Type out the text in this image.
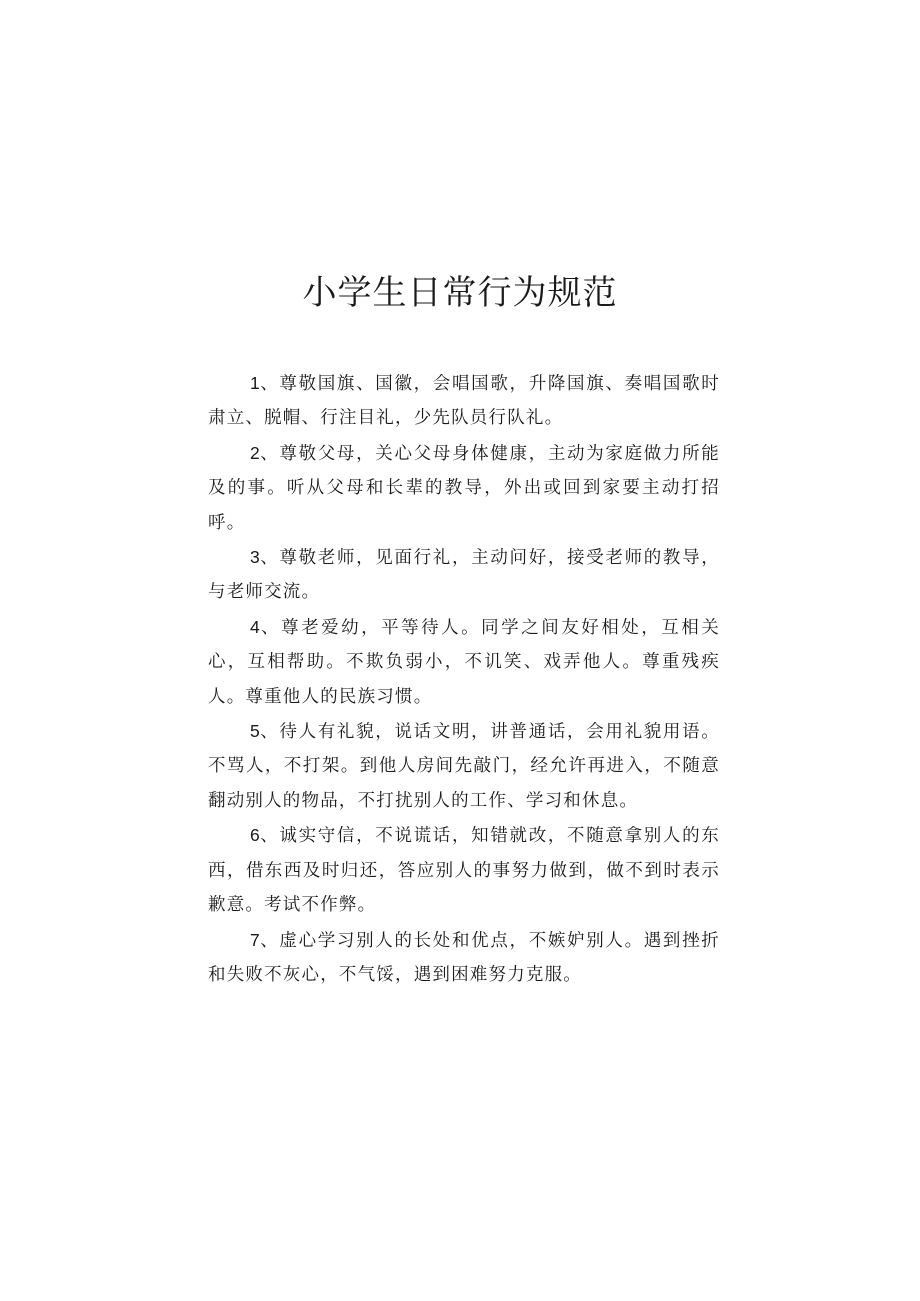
小学生日常行为规范
1、尊敬国旗、国徽，会唱国歌，升降国旗、奏唱国歌时肃立、脱帽、行注目礼，少先队员行队礼。
2、尊敬父母，关心父母身体健康，主动为家庭做力所能及的事。听从父母和长辈的教导，外出或回到家要主动打招呼。
3、尊敬老师，见面行礼，主动问好，接受老师的教导，与老师交流。
4、尊老爱幼，平等待人。同学之间友好相处，互相关心，互相帮助。不欺负弱小，不讥笑、戏弄他人。尊重残疾人。尊重他人的民族习惯。
5、待人有礼貌，说话文明，讲普通话，会用礼貌用语。不骂人，不打架。到他人房间先敲门，经允许再进入，不随意翻动别人的物品，不打扰别人的工作、学习和休息。
6、诚实守信，不说谎话，知错就改，不随意拿别人的东西，借东西及时归还，答应别人的事努力做到，做不到时表示歉意。考试不作弊。
7、虚心学习别人的长处和优点，不嫉妒别人。遇到挫折和失败不灰心，不气馁，遇到困难努力克服。
